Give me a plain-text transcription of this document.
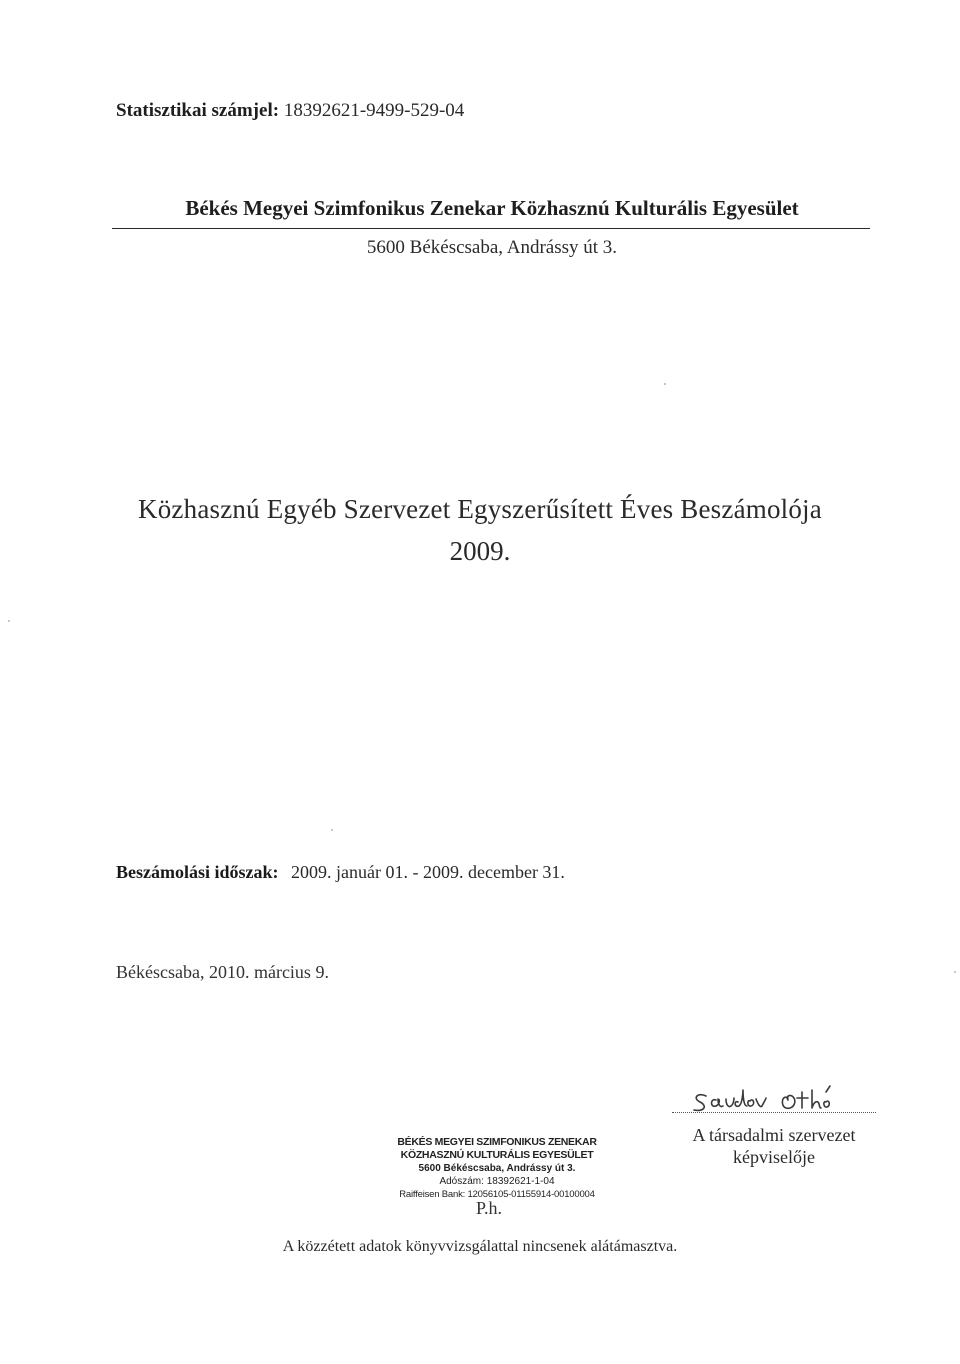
Statisztikai számjel: 18392621-9499-529-04
Békés Megyei Szimfonikus Zenekar Közhasznú Kulturális Egyesület
5600 Békéscsaba, Andrássy út 3.
Közhasznú Egyéb Szervezet Egyszerűsített Éves Beszámolója
2009.
Beszámolási időszak: 2009. január 01. - 2009. december 31.
Békéscsaba, 2010. március 9.
A társadalmi szervezet
képviselője
BÉKÉS MEGYEI SZIMFONIKUS ZENEKAR
KÖZHASZNÚ KULTURÁLIS EGYESÜLET
5600 Békéscsaba, Andrássy út 3.
Adószám: 18392621-1-04
Raiffeisen Bank: 12056105-01155914-00100004
P.h.
A közzétett adatok könyvvizsgálattal nincsenek alátámasztva.
